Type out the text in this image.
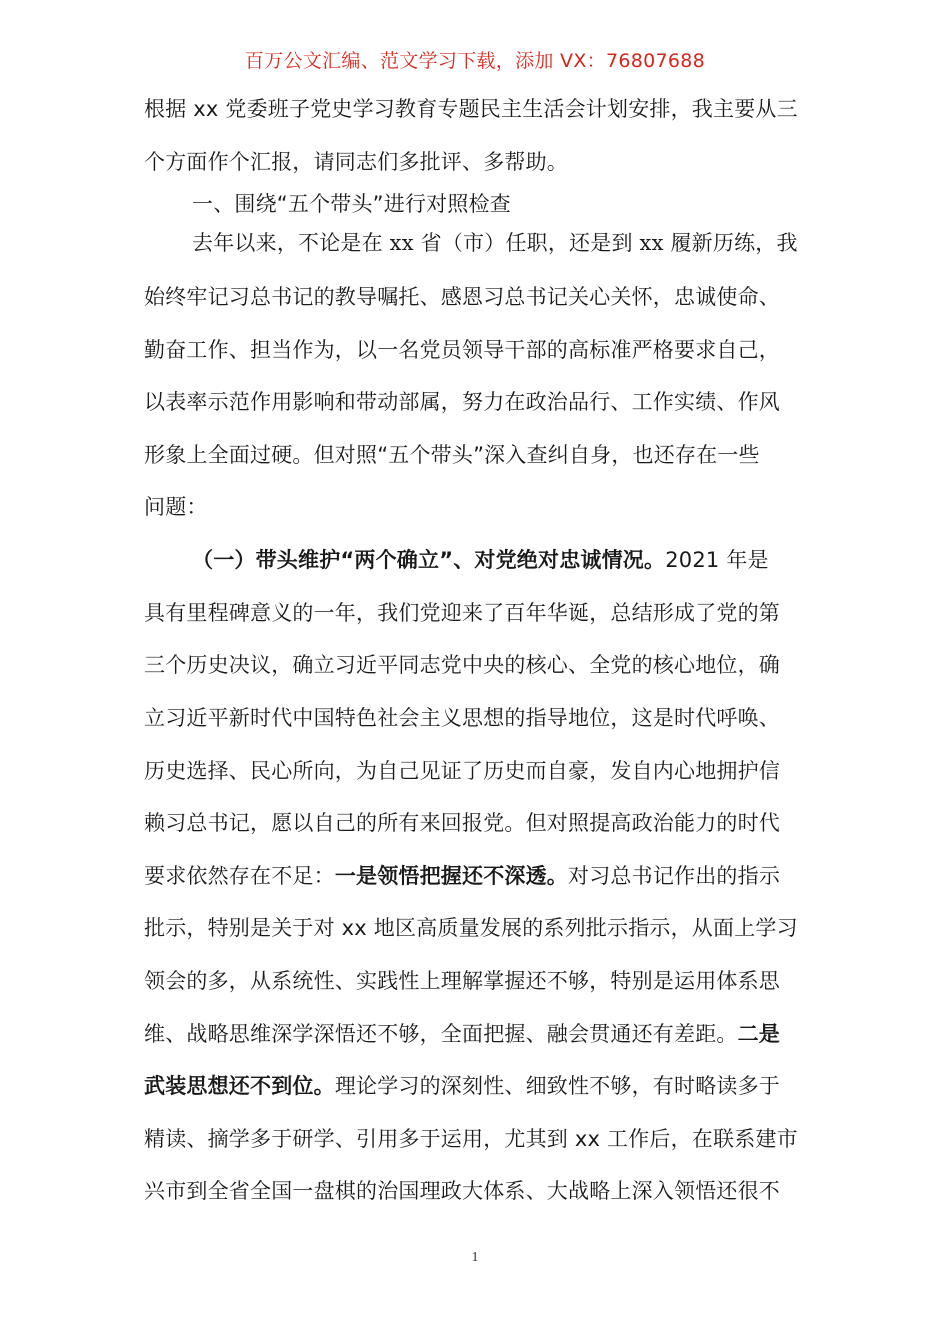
百万公文汇编、范文学习下载，添加 VX：76807688
根据 xx 党委班子党史学习教育专题民主生活会计划安排，我主要从三
个方面作个汇报，请同志们多批评、多帮助。
一、围绕“五个带头”进行对照检查
去年以来，不论是在 xx 省（市）任职，还是到 xx 履新历练，我
始终牢记习总书记的教导嘱托、感恩习总书记关心关怀，忠诚使命、
勤奋工作、担当作为，以一名党员领导干部的高标准严格要求自己，
以表率示范作用影响和带动部属，努力在政治品行、工作实绩、作风
形象上全面过硬。但对照“五个带头”深入查纠自身，也还存在一些
问题：
（一）带头维护“两个确立”、对党绝对忠诚情况。2021 年是
具有里程碑意义的一年，我们党迎来了百年华诞，总结形成了党的第
三个历史决议，确立习近平同志党中央的核心、全党的核心地位，确
立习近平新时代中国特色社会主义思想的指导地位，这是时代呼唤、
历史选择、民心所向，为自己见证了历史而自豪，发自内心地拥护信
赖习总书记，愿以自己的所有来回报党。但对照提高政治能力的时代
要求依然存在不足：一是领悟把握还不深透。对习总书记作出的指示
批示，特别是关于对 xx 地区高质量发展的系列批示指示，从面上学习
领会的多，从系统性、实践性上理解掌握还不够，特别是运用体系思
维、战略思维深学深悟还不够，全面把握、融会贯通还有差距。二是
武装思想还不到位。理论学习的深刻性、细致性不够，有时略读多于
精读、摘学多于研学、引用多于运用，尤其到 xx 工作后，在联系建市
兴市到全省全国一盘棋的治国理政大体系、大战略上深入领悟还很不
1
